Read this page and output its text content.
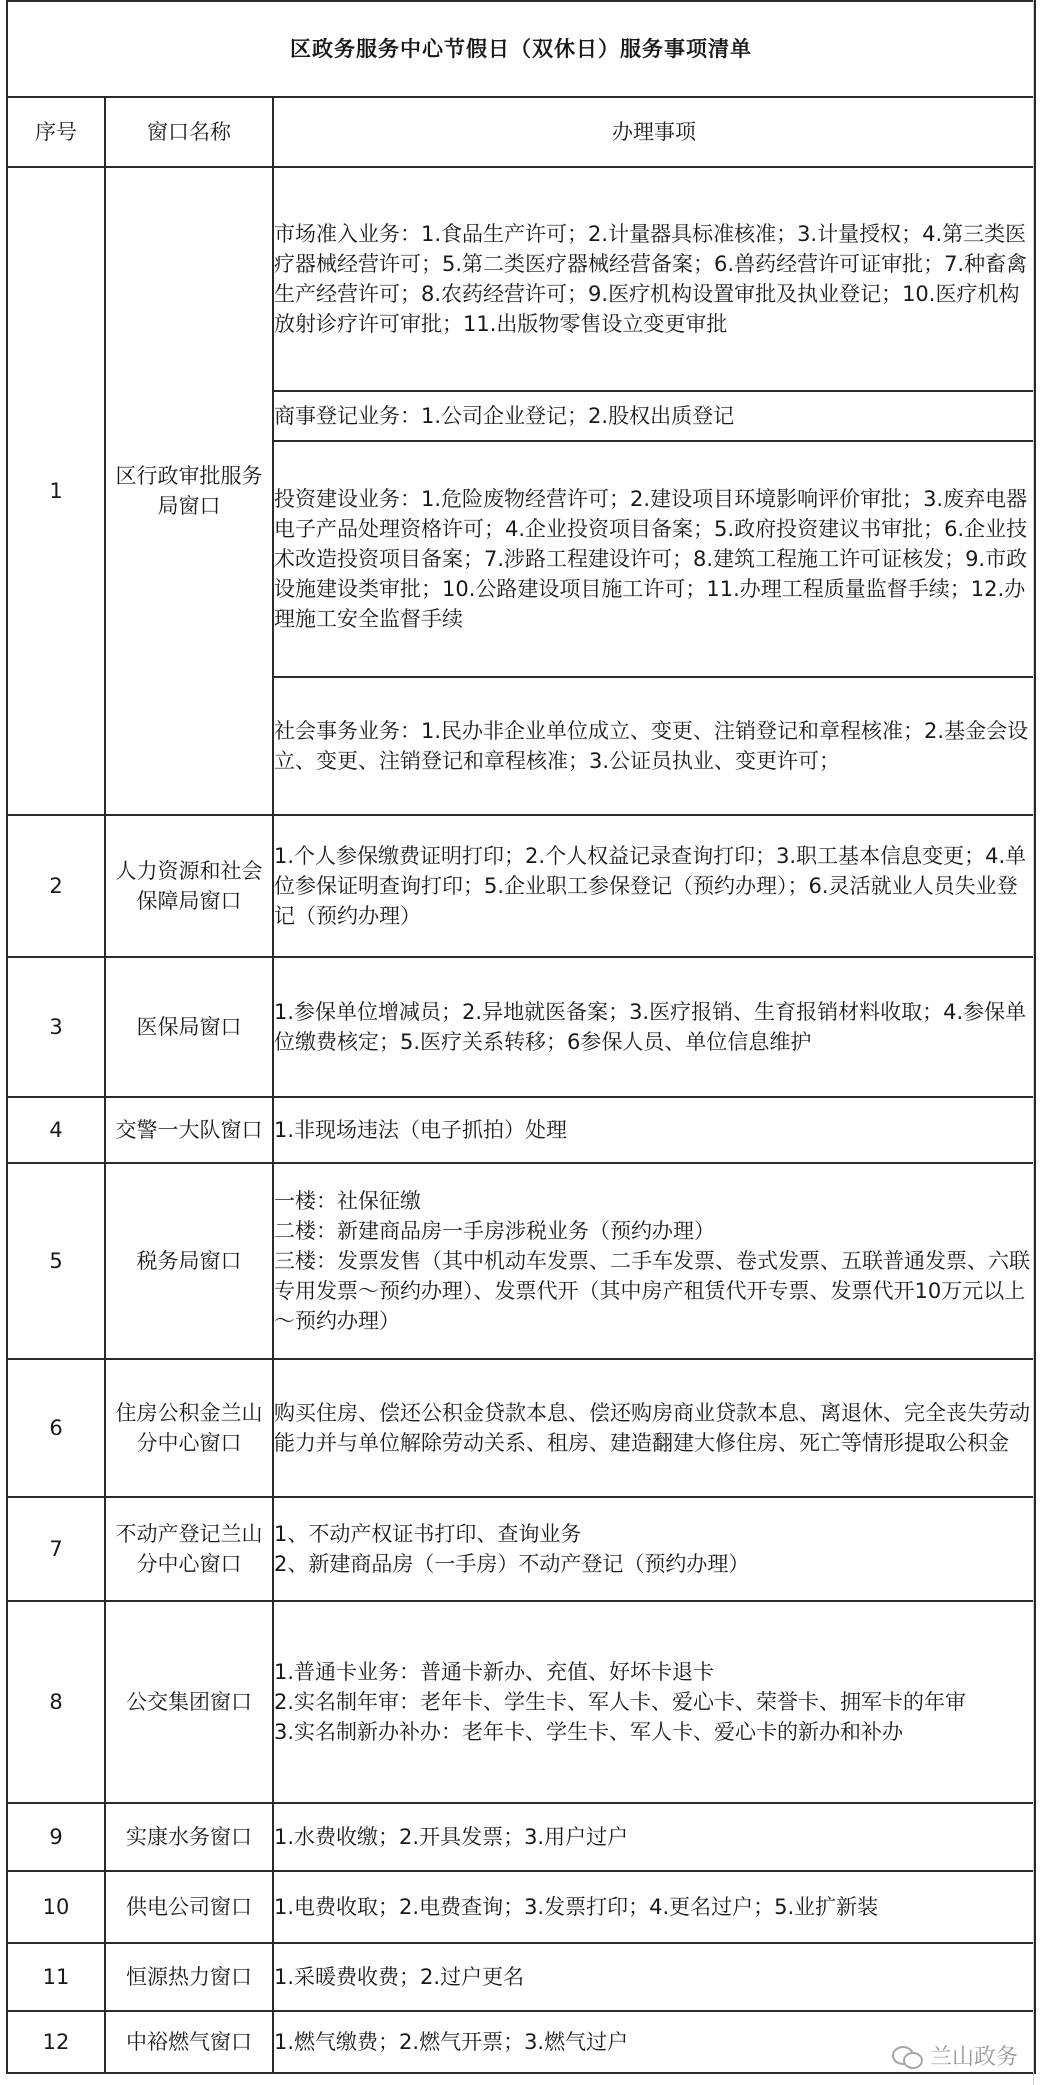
区政务服务中心节假日（双休日）服务事项清单		
序号	窗口名称	办理事项
1	区行政审批服务局窗口	市场准入业务：1.食品生产许可；2.计量器具标准核准；3.计量授权；4.第三类医疗器械经营许可；5.第二类医疗器械经营备案；6.兽药经营许可证审批；7.种畜禽生产经营许可；8.农药经营许可；9.医疗机构设置审批及执业登记；10.医疗机构放射诊疗许可审批；11.出版物零售设立变更审批

		商事登记业务：1.公司企业登记；2.股权出质登记

		投资建设业务：1.危险废物经营许可；2.建设项目环境影响评价审批；3.废弃电器电子产品处理资格许可；4.企业投资项目备案；5.政府投资建议书审批；6.企业技术改造投资项目备案；7.涉路工程建设许可；8.建筑工程施工许可证核发；9.市政设施建设类审批；10.公路建设项目施工许可；11.办理工程质量监督手续；12.办理施工安全监督手续

		社会事务业务：1.民办非企业单位成立、变更、注销登记和章程核准；2.基金会设立、变更、注销登记和章程核准；3.公证员执业、变更许可；

2	人力资源和社会保障局窗口	1.个人参保缴费证明打印；2.个人权益记录查询打印；3.职工基本信息变更；4.单位参保证明查询打印；5.企业职工参保登记（预约办理）；6.灵活就业人员失业登记（预约办理）

3	医保局窗口	1.参保单位增减员；2.异地就医备案；3.医疗报销、生育报销材料收取；4.参保单位缴费核定；5.医疗关系转移；6参保人员、单位信息维护

4	交警一大队窗口	1.非现场违法（电子抓拍）处理

5	税务局窗口	一楼：社保征缴
二楼：新建商品房一手房涉税业务（预约办理）
三楼：发票发售（其中机动车发票、二手车发票、卷式发票、五联普通发票、六联专用发票～预约办理）、发票代开（其中房产租赁代开专票、发票代开10万元以上～预约办理）

6	住房公积金兰山分中心窗口	购买住房、偿还公积金贷款本息、偿还购房商业贷款本息、离退休、完全丧失劳动能力并与单位解除劳动关系、租房、建造翻建大修住房、死亡等情形提取公积金

7	不动产登记兰山分中心窗口	1、不动产权证书打印、查询业务
2、新建商品房（一手房）不动产登记（预约办理）

8	公交集团窗口	1.普通卡业务：普通卡新办、充值、好坏卡退卡
2.实名制年审：老年卡、学生卡、军人卡、爱心卡、荣誉卡、拥军卡的年审
3.实名制新办补办：老年卡、学生卡、军人卡、爱心卡的新办和补办

9	实康水务窗口	1.水费收缴；2.开具发票；3.用户过户

10	供电公司窗口	1.电费收取；2.电费查询；3.发票打印；4.更名过户；5.业扩新装

11	恒源热力窗口	1.采暖费收费；2.过户更名

12	中裕燃气窗口	1.燃气缴费；2.燃气开票；3.燃气过户
兰山政务
